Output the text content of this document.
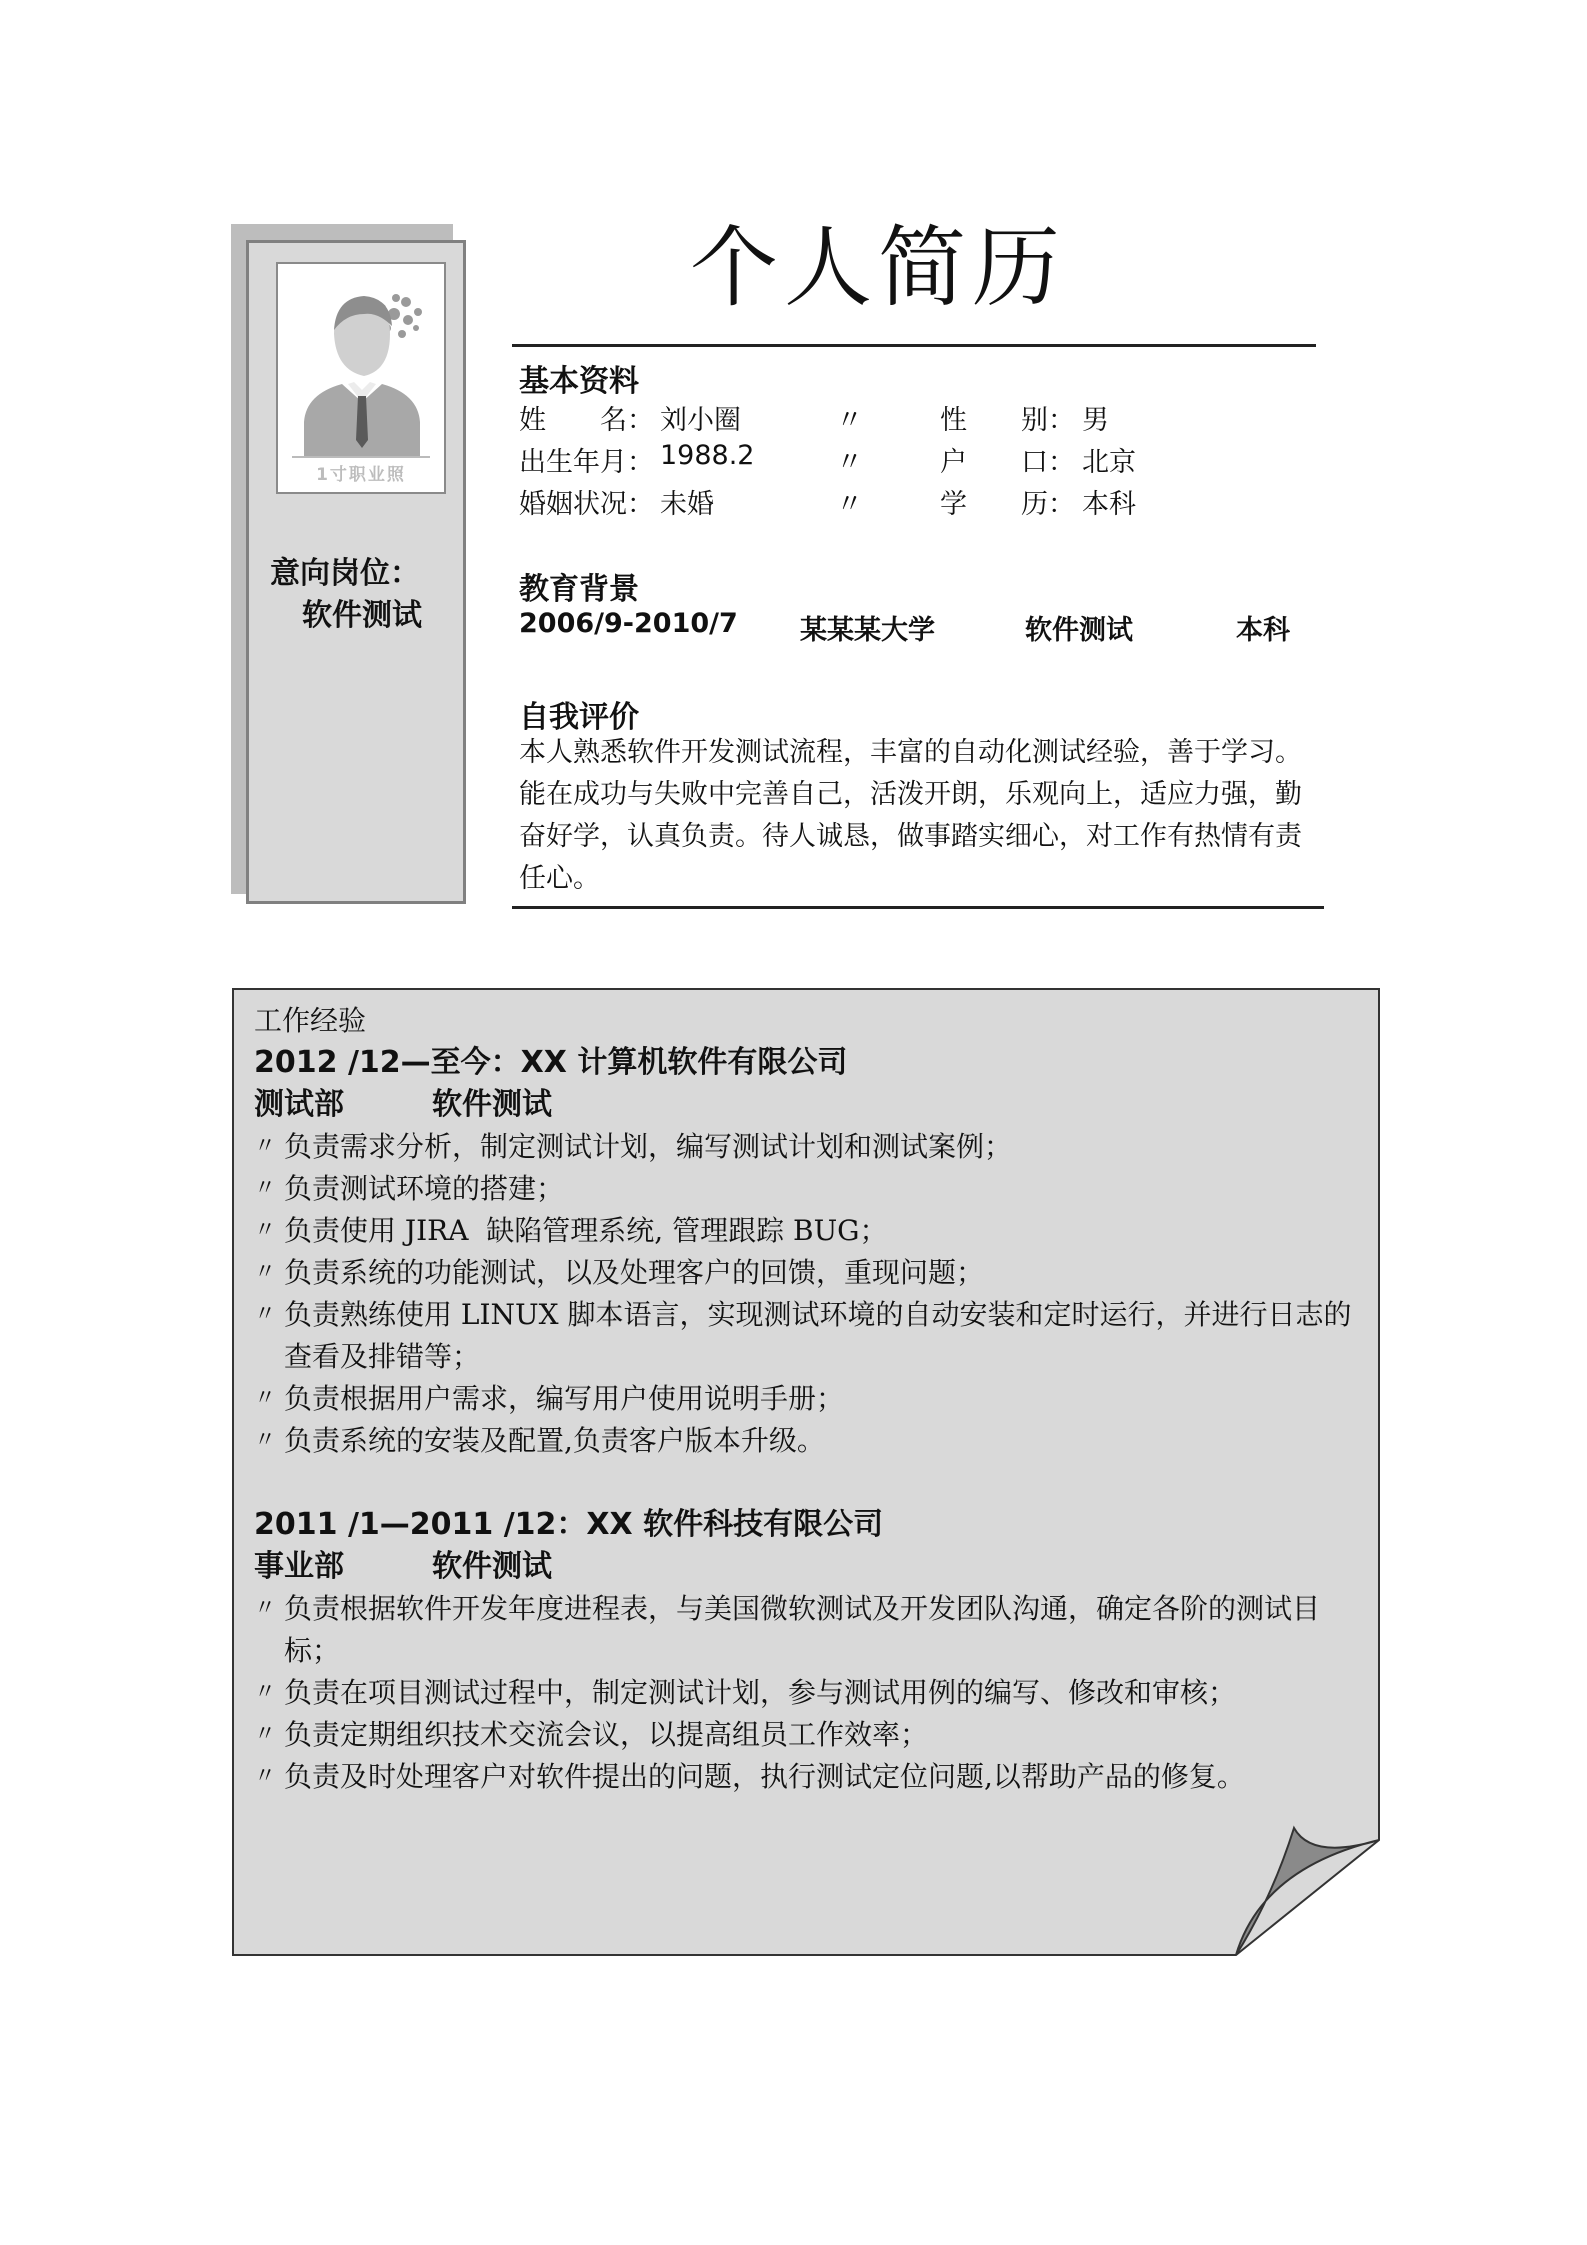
1寸职业照
意向岗位：
软件测试
个人简历
基本资料
姓　　名： 刘小圈	〃	性　　别： 男
出生年月： 1988.2	〃	户　　口： 北京
婚姻状况： 未婚	〃	学　　历： 本科
教育背景
2006/9-2010/7 某某某大学	软件测试	本科
自我评价
本人熟悉软件开发测试流程，丰富的自动化测试经验，善于学习。能在成功与失败中完善自己，活泼开朗，乐观向上，适应力强，勤奋好学，认真负责。待人诚恳，做事踏实细心，对工作有热情有责任心。
工作经验
2012 /12—至今：XX 计算机软件有限公司
测试部	软件测试
〃 负责需求分析，制定测试计划，编写测试计划和测试案例；
〃 负责测试环境的搭建；
〃 负责使用 JIRA  缺陷管理系统, 管理跟踪 BUG；
〃 负责系统的功能测试，以及处理客户的回馈，重现问题；
〃 负责熟练使用 LINUX 脚本语言，实现测试环境的自动安装和定时运行，并进行日志的查看及排错等；
〃 负责根据用户需求，编写用户使用说明手册；
〃 负责系统的安装及配置,负责客户版本升级。
2011 /1—2011 /12：XX 软件科技有限公司
事业部	软件测试
〃 负责根据软件开发年度进程表，与美国微软测试及开发团队沟通，确定各阶的测试目标；
〃 负责在项目测试过程中，制定测试计划，参与测试用例的编写、修改和审核；
〃 负责定期组织技术交流会议，以提高组员工作效率；
〃 负责及时处理客户对软件提出的问题，执行测试定位问题,以帮助产品的修复。
